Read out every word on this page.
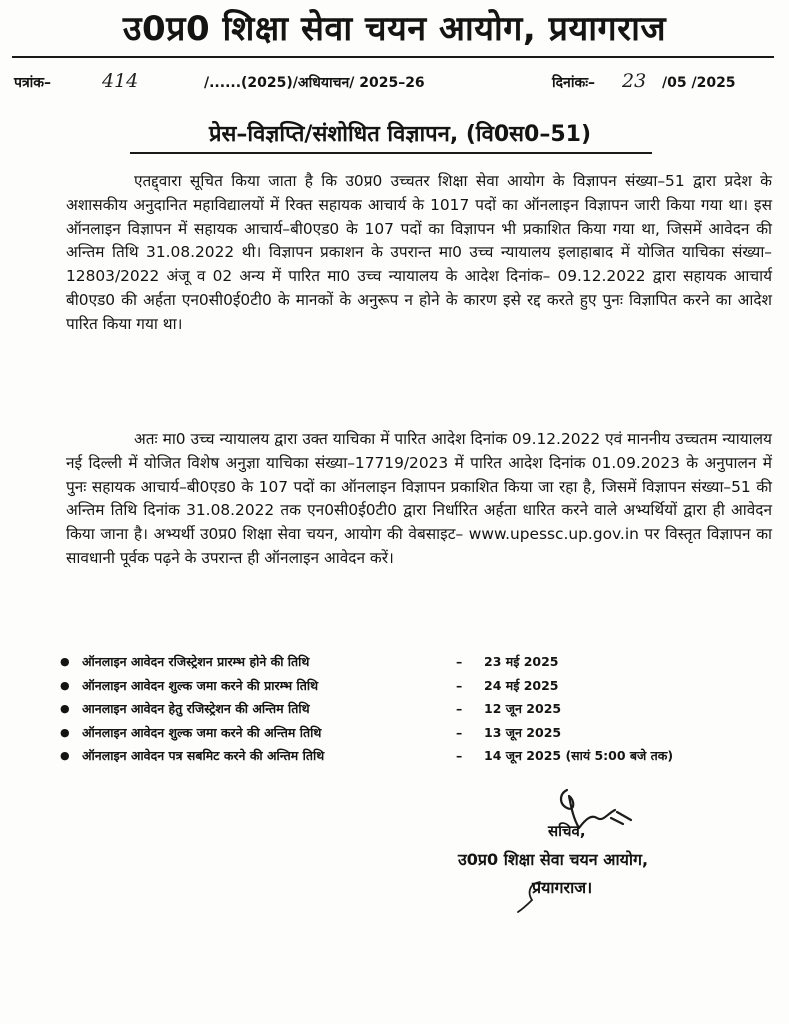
उ0प्र0 शिक्षा सेवा चयन आयोग, प्रयागराज
पत्रांक–	414	/......(2025)/अधियाचन/ 2025–26	दिनांकः– 23 /05 /2025
प्रेस–विज्ञप्ति/संशोधित विज्ञापन, (वि0स0–51)

एतद्द्वारा सूचित किया जाता है कि उ0प्र0 उच्चतर शिक्षा सेवा आयोग के विज्ञापन संख्या–51 द्वारा प्रदेश के अशासकीय अनुदानित महाविद्यालयों में रिक्त सहायक आचार्य के 1017 पदों का ऑनलाइन विज्ञापन जारी किया गया था। इस ऑनलाइन विज्ञापन में सहायक आचार्य–बी0एड0 के 107 पदों का विज्ञापन भी प्रकाशित किया गया था, जिसमें आवेदन की अन्तिम तिथि 31.08.2022 थी। विज्ञापन प्रकाशन के उपरान्त मा0 उच्च न्यायालय इलाहाबाद में योजित याचिका संख्या–12803/2022 अंजू व 02 अन्य में पारित मा0 उच्च न्यायालय के आदेश दिनांक– 09.12.2022 द्वारा सहायक आचार्य बी0एड0 की अर्हता एन0सी0ई0टी0 के मानकों के अनुरूप न होने के कारण इसे रद्द करते हुए पुनः विज्ञापित करने का आदेश पारित किया गया था।

अतः मा0 उच्च न्यायालय द्वारा उक्त याचिका में पारित आदेश दिनांक 09.12.2022 एवं माननीय उच्चतम न्यायालय नई दिल्ली में योजित विशेष अनुज्ञा याचिका संख्या–17719/2023 में पारित आदेश दिनांक 01.09.2023 के अनुपालन में पुनः सहायक आचार्य–बी0एड0 के 107 पदों का ऑनलाइन विज्ञापन प्रकाशित किया जा रहा है, जिसमें विज्ञापन संख्या–51 की अन्तिम तिथि दिनांक 31.08.2022 तक एन0सी0ई0टी0 द्वारा निर्धारित अर्हता धारित करने वाले अभ्यर्थियों द्वारा ही आवेदन किया जाना है। अभ्यर्थी उ0प्र0 शिक्षा सेवा चयन, आयोग की वेबसाइट– www.upessc.up.gov.in पर विस्तृत विज्ञापन का सावधानी पूर्वक पढ़ने के उपरान्त ही ऑनलाइन आवेदन करें।

● ऑनलाइन आवेदन रजिस्ट्रेशन प्रारम्भ होने की तिथि	– 23 मई 2025
● ऑनलाइन आवेदन शुल्क जमा करने की प्रारम्भ तिथि	– 24 मई 2025
● आनलाइन आवेदन हेतु रजिस्ट्रेशन की अन्तिम तिथि	– 12 जून 2025
● ऑनलाइन आवेदन शुल्क जमा करने की अन्तिम तिथि	– 13 जून 2025
● ऑनलाइन आवेदन पत्र सबमिट करने की अन्तिम तिथि	– 14 जून 2025 (सायं 5:00 बजे तक)
सचिव,
उ0प्र0 शिक्षा सेवा चयन आयोग,
प्रयागराज।
